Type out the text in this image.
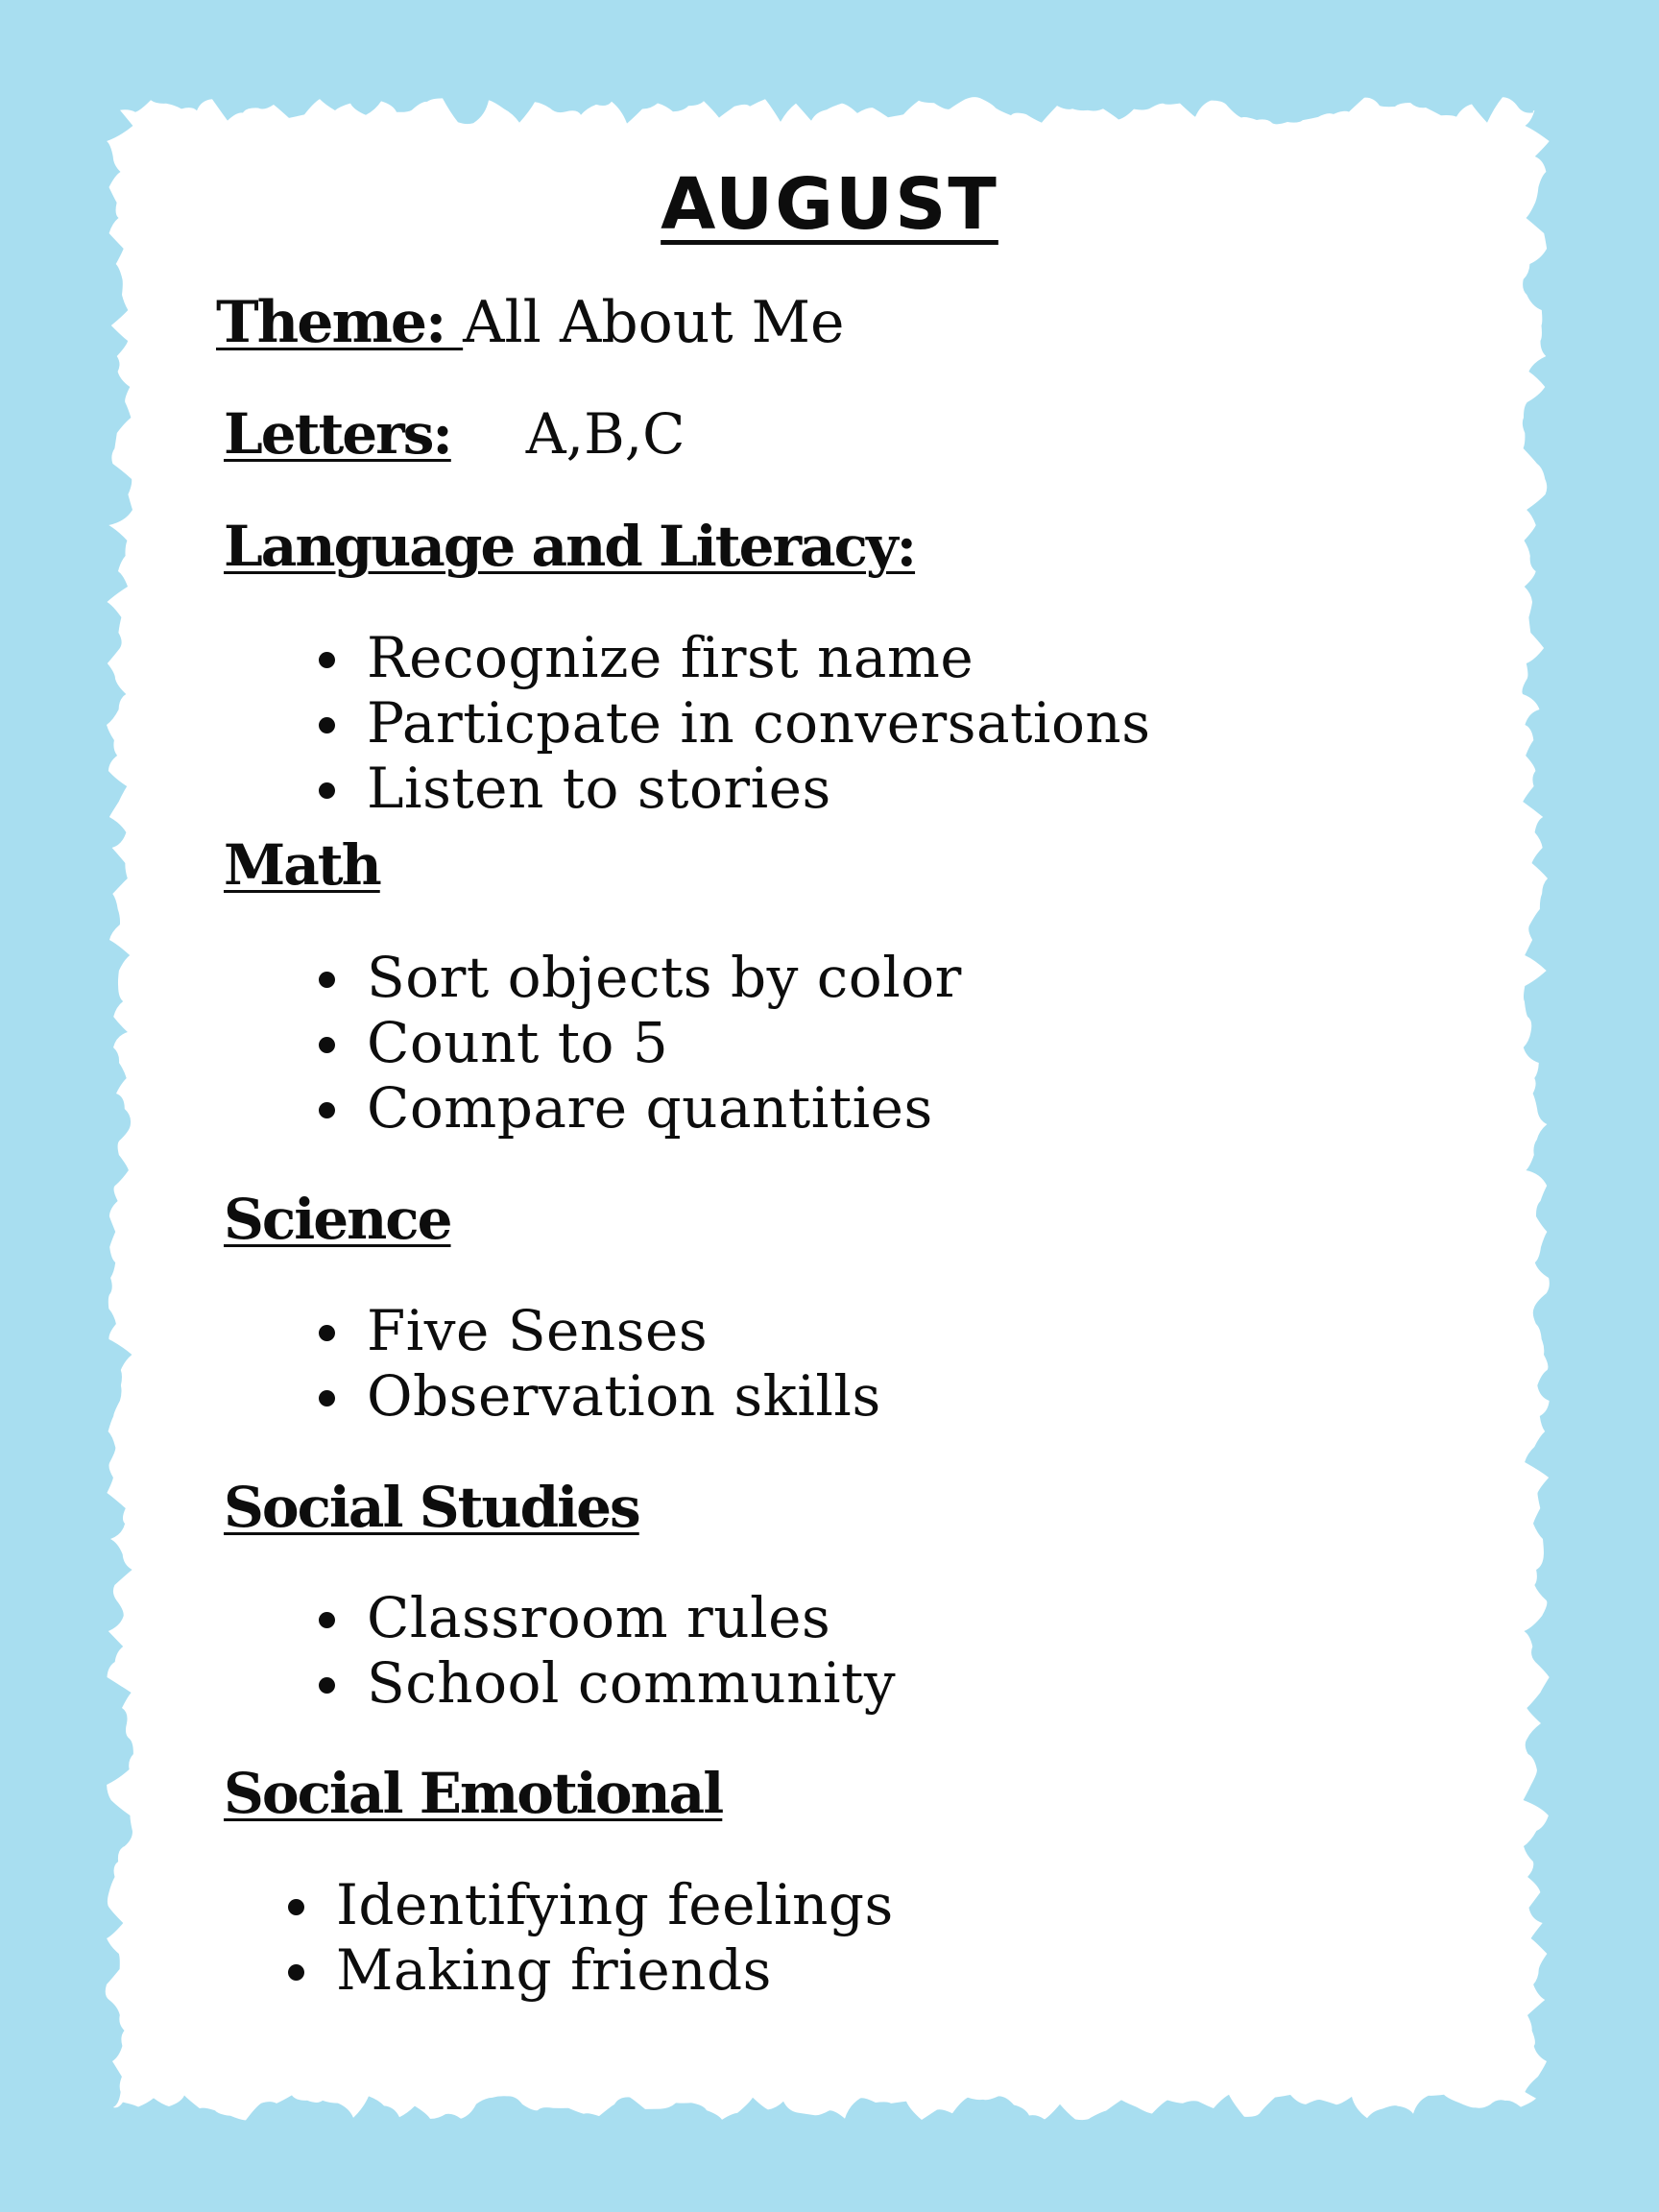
AUGUST
Theme: All About Me
Letters: A,B,C
Language and Literacy:
Recognize first name
Particpate in conversations
Listen to stories
Math
Sort objects by color
Count to 5
Compare quantities
Science
Five Senses
Observation skills
Social Studies
Classroom rules
School community
Social Emotional
Identifying feelings
Making friends
